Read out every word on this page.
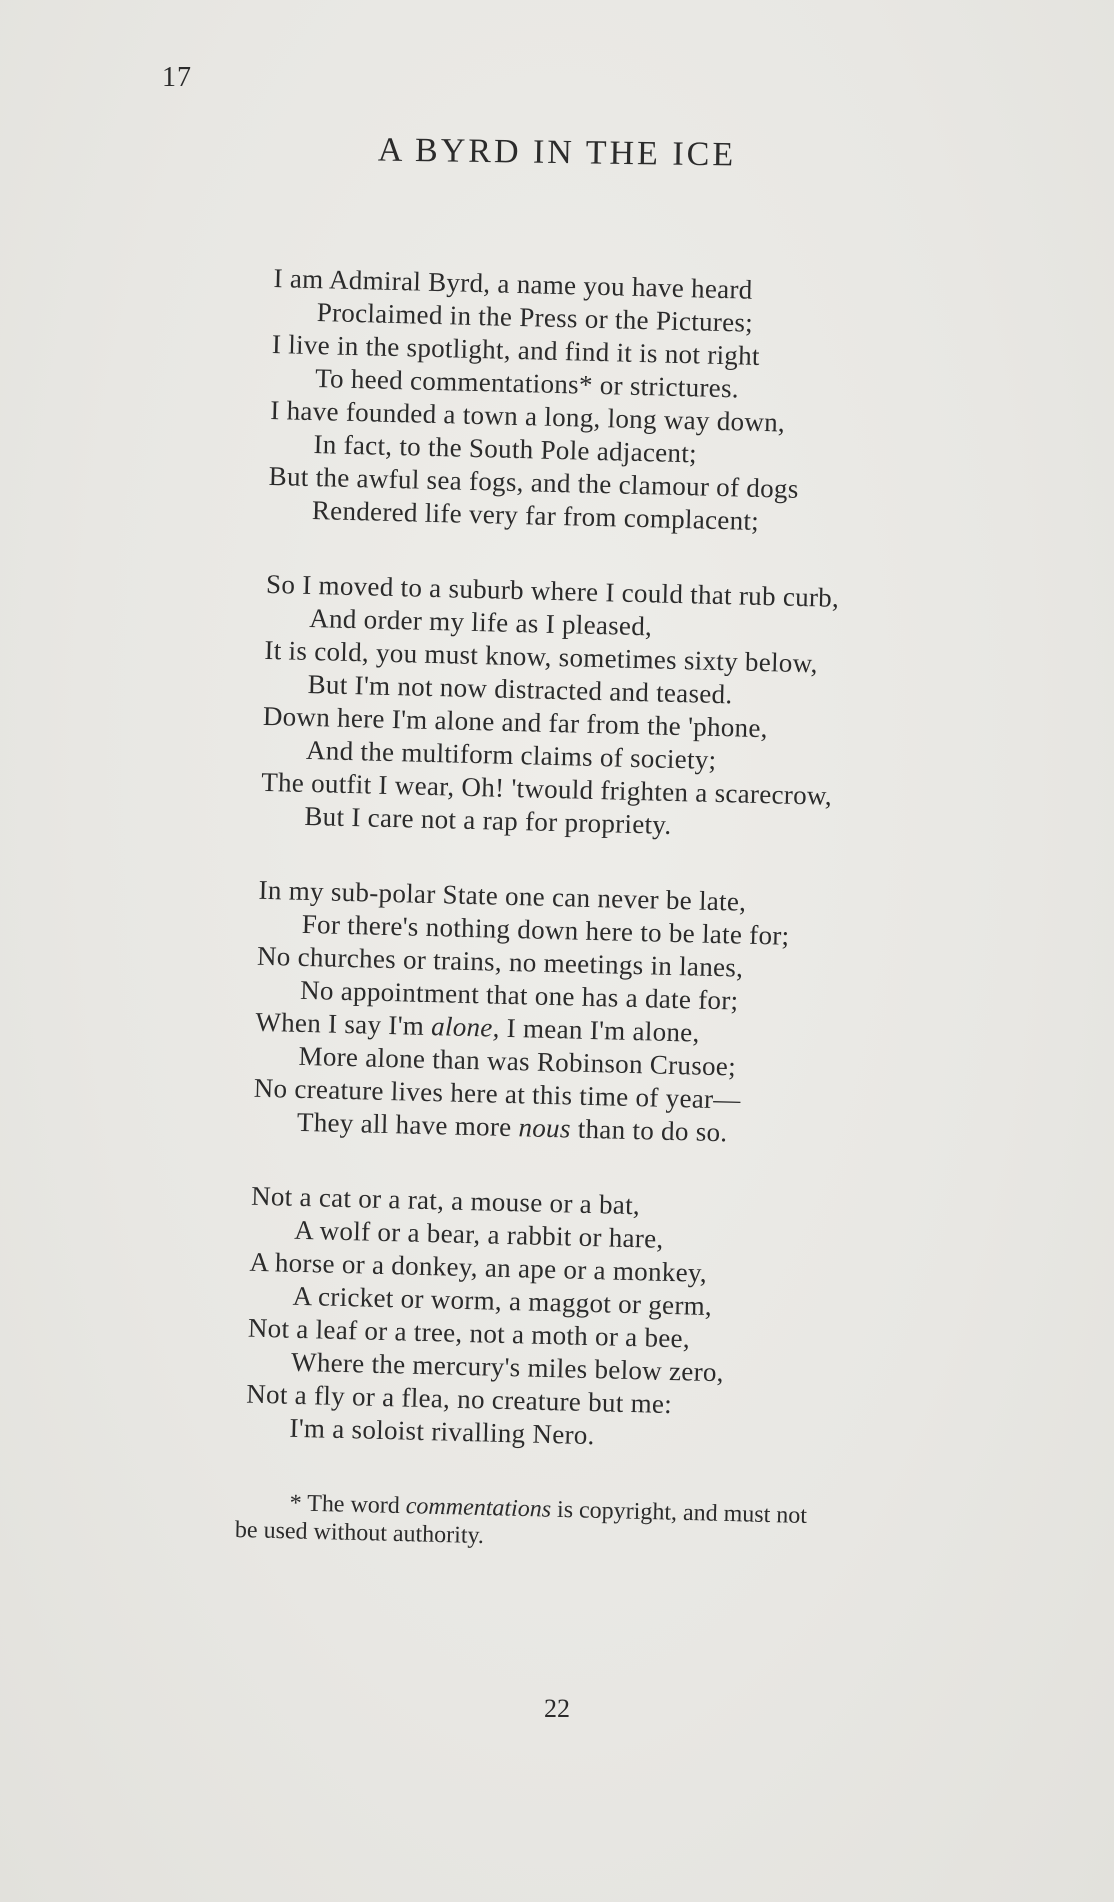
17
A BYRD IN THE ICE
I am Admiral Byrd, a name you have heard
Proclaimed in the Press or the Pictures;
I live in the spotlight, and find it is not right
To heed commentations* or strictures.
I have founded a town a long, long way down,
In fact, to the South Pole adjacent;
But the awful sea fogs, and the clamour of dogs
Rendered life very far from complacent;
So I moved to a suburb where I could that rub curb,
And order my life as I pleased,
It is cold, you must know, sometimes sixty below,
But I'm not now distracted and teased.
Down here I'm alone and far from the 'phone,
And the multiform claims of society;
The outfit I wear, Oh! 'twould frighten a scarecrow,
But I care not a rap for propriety.
In my sub-polar State one can never be late,
For there's nothing down here to be late for;
No churches or trains, no meetings in lanes,
No appointment that one has a date for;
When I say I'm alone, I mean I'm alone,
More alone than was Robinson Crusoe;
No creature lives here at this time of year—
They all have more nous than to do so.
Not a cat or a rat, a mouse or a bat,
A wolf or a bear, a rabbit or hare,
A horse or a donkey, an ape or a monkey,
A cricket or worm, a maggot or germ,
Not a leaf or a tree, not a moth or a bee,
Where the mercury's miles below zero,
Not a fly or a flea, no creature but me:
I'm a soloist rivalling Nero.
* The word commentations is copyright, and must not
be used without authority.
22
